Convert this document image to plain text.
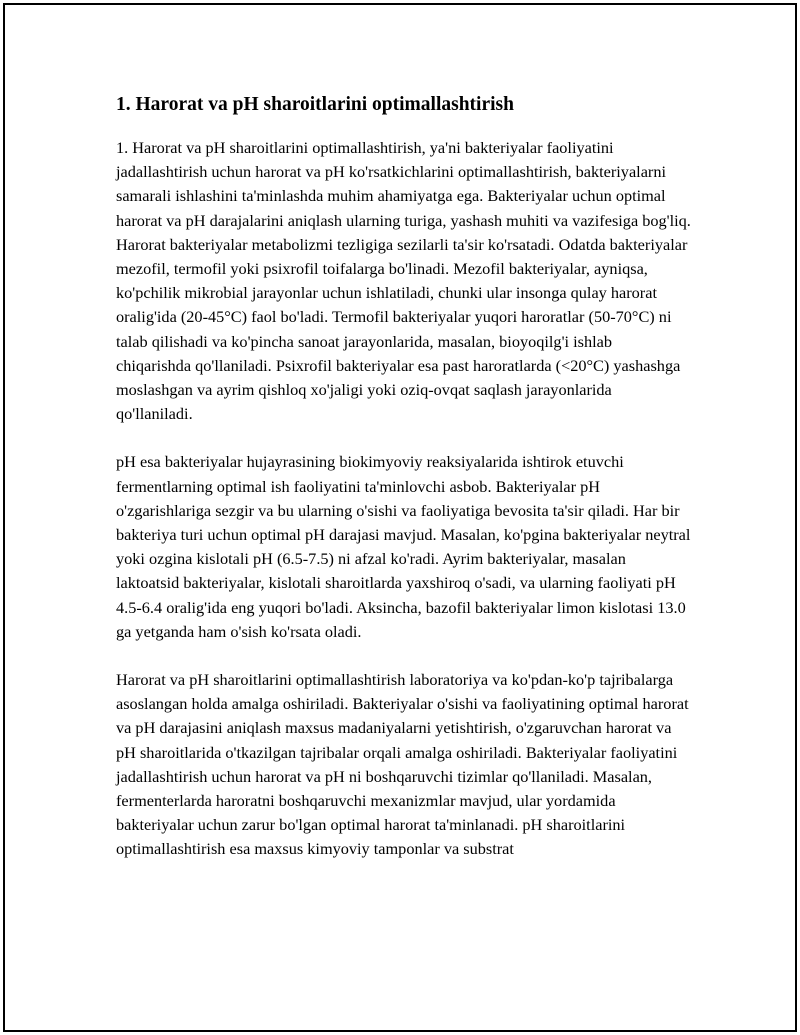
1. Harorat va pH sharoitlarini optimallashtirish

1. Harorat va pH sharoitlarini optimallashtirish, ya'ni bakteriyalar faoliyatini jadallashtirish uchun harorat va pH ko'rsatkichlarini optimallashtirish, bakteriyalarni samarali ishlashini ta'minlashda muhim ahamiyatga ega. Bakteriyalar uchun optimal harorat va pH darajalarini aniqlash ularning turiga, yashash muhiti va vazifesiga bog'liq. Harorat bakteriyalar metabolizmi tezligiga sezilarli ta'sir ko'rsatadi. Odatda bakteriyalar mezofil, termofil yoki psixrofil toifalarga bo'linadi. Mezofil bakteriyalar, ayniqsa, ko'pchilik mikrobial jarayonlar uchun ishlatiladi, chunki ular insonga qulay harorat oralig'ida (20-45°C) faol bo'ladi. Termofil bakteriyalar yuqori haroratlar (50-70°C) ni talab qilishadi va ko'pincha sanoat jarayonlarida, masalan, bioyoqilg'i ishlab chiqarishda qo'llaniladi. Psixrofil bakteriyalar esa past haroratlarda (<20°C) yashashga moslashgan va ayrim qishloq xo'jaligi yoki oziq-ovqat saqlash jarayonlarida qo'llaniladi.

pH esa bakteriyalar hujayrasining biokimyoviy reaksiyalarida ishtirok etuvchi fermentlarning optimal ish faoliyatini ta'minlovchi asbob. Bakteriyalar pH o'zgarishlariga sezgir va bu ularning o'sishi va faoliyatiga bevosita ta'sir qiladi. Har bir bakteriya turi uchun optimal pH darajasi mavjud. Masalan, ko'pgina bakteriyalar neytral yoki ozgina kislotali pH (6.5-7.5) ni afzal ko'radi. Ayrim bakteriyalar, masalan laktoatsid bakteriyalar, kislotali sharoitlarda yaxshiroq o'sadi, va ularning faoliyati pH 4.5-6.4 oralig'ida eng yuqori bo'ladi. Aksincha, bazofil bakteriyalar limon kislotasi 13.0 ga yetganda ham o'sish ko'rsata oladi.

Harorat va pH sharoitlarini optimallashtirish laboratoriya va ko'pdan-ko'p tajribalarga asoslangan holda amalga oshiriladi. Bakteriyalar o'sishi va faoliyatining optimal harorat va pH darajasini aniqlash maxsus madaniyalarni yetishtirish, o'zgaruvchan harorat va pH sharoitlarida o'tkazilgan tajribalar orqali amalga oshiriladi. Bakteriyalar faoliyatini jadallashtirish uchun harorat va pH ni boshqaruvchi tizimlar qo'llaniladi. Masalan, fermenterlarda haroratni boshqaruvchi mexanizmlar mavjud, ular yordamida bakteriyalar uchun zarur bo'lgan optimal harorat ta'minlanadi. pH sharoitlarini optimallashtirish esa maxsus kimyoviy tamponlar va substrat
